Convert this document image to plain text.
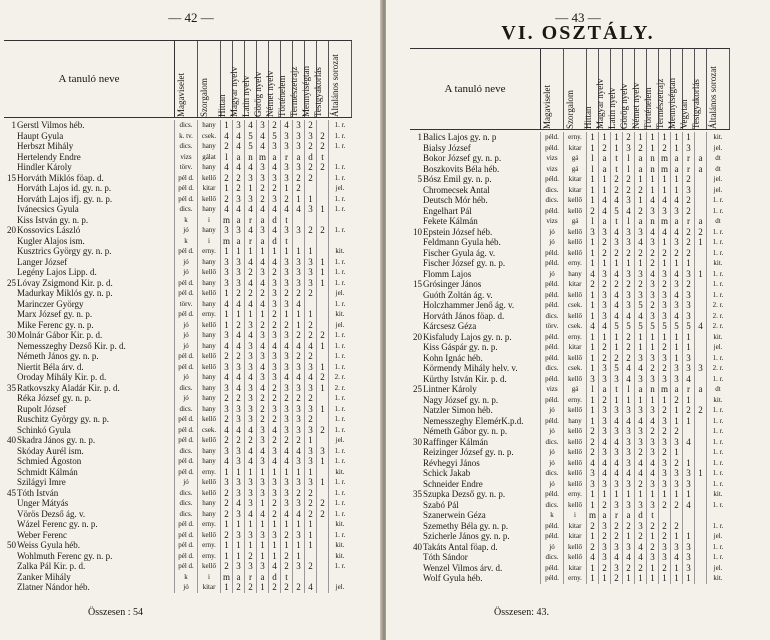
— 42 —
A tanuló neve	Magaviselet Szorgalom Hittan Magyar nyelv Latin nyelv Görög nyelv Német nyelv Történelem Természetrajz Mennyiségtan Testgyakorlás Általános sorozat
1 Gerstl Vilmos héb.	dics.	hany 1 3 4 3 2 4 3 2	1. r.
Haupt Gyula	k. tv.	csek. 4 4 5 4 5 3 3 3 2	1. r.
Herbszt Mihály	dics.	hany 2 4 5 4 3 3 3 2 2	1. r.
Hertelendy Endre	vizs	gálat	l a n m a r a d t
Hindler Károly	törv.	hany 4 4 4 3 4 3 3 2 2	1. r.
15 Horváth Miklós föap. d.	pél d.	kellő 2 2 3 3 3 3 2 2	1. r.
Horváth Lajos id. gy. n. p.	pél d.	kitar 1 2 1 2 2 1 2	jel.
Horváth Lajos ifj. gy. n. p.	pél d.	kellő 2 3 3 2 3 2 1 1	1. r.
Ivánecsics Gyula	dics.	hany 4 4 4 4 4 4 4 3 1	1. r.
Kiss István gy. n. p.	k	i	m a r a d t
20 Kossovics László	jó	hany 3 3 4 3 4 3 3 2 2	1. r.
Kugler Alajos ism.	k	i	m a r a d t
Kusztrics György gy. n. p.	pél d.	erny. 1 1 1 1 1 1 1 1	kit.
Langer József	jó	hany 3 3 4 4 4 3 3 3 1	1. r.
Legény Lajos Lipp. d.	jó	kellő 3 3 2 3 2 3 3 3 1	1. r.
25 Lóvay Zsigmond Kir. p. d.	pél d.	hany 3 3 4 4 3 3 3 3 1	1. r.
Madurkay Miklós gy. n. p.	pél d.	kellő 1 2 2 2 3 2 2 2	jel.
Marinczer György	törv.	hany 4 4 4 4 3 3 4	1. r.
Marx József gy. n. p.	pél d.	erny. 1 1 1 1 2 1 1 1	kit.
Mike Ferenc gy. n. p.	jó	kellő 1 2 3 2 2 2 1 2	jel.
30 Molnár Gábor Kir. p. d.	jó	hany 3 4 4 3 3 3 2 2 2	1. r.
Nemesszeghy Dezső Kir. p. d.	jó	hany 4 4 3 4 4 4 4 4 1	1. r.
Németh János gy. n. p.	pél d.	kellő 2 2 3 3 3 3 2 2	1. r.
Niertit Béla árv. d.	pél d.	kellő 3 3 3 4 3 3 3 3 1	1. r.
Oroday Mihály Kir. p. d.	jó	hany 4 4 4 3 3 4 4 4 2	2. r.
35 Ratkovszky Aladár Kir. p. d.	dics.	hany 3 4 3 4 2 3 3 3 1	2. r.
Réka József gy. n. p.	jó	hany 2 2 3 2 2 2 2 2	1. r.
Rupolt József	dics.	hany 3 3 3 2 3 3 3 3 1	1. r.
Ruschitz György gy. n. p.	pél d.	kellő 2 3 3 2 2 3 3 2	1. r.
Schinkó Gyula	pél d.	csek. 4 4 4 3 4 3 3 3 2	1. r.
40 Skadra János gy. n. p.	pél d.	kellő 2 2 2 3 2 2 2 1	jel.
Skóday Aurél ism.	dics.	hany 3 3 4 4 3 4 4 3 3	1. r.
Schmied Ágoston	pél d.	hany 4 3 4 3 4 4 3 3 1	1. r.
Schmidt Kálmán	pél d.	erny. 1 1 1 1 1 1 1 1	kit.
Szilágyi Imre	jó	kellő 3 3 3 3 3 3 3 3 1	1. r.
45 Tóth István	dics.	kellő 2 3 3 3 3 3 2 2	1. r.
Unger Mátyás	dics.	hany 2 4 3 1 2 3 3 2 2	1. r.
Vörös Dezső ág. v.	dics.	hany 2 3 4 4 2 4 4 2 2	1. r.
Wázel Ferenc gy. n. p.	pél d.	erny. 1 1 1 1 1 1 1 1	kit.
Weber Ferenc	pél d.	kellő 2 3 3 3 3 2 3 1	1. r.
50 Weiss Gyula héb.	pél d.	erny. 1 1 1 1 1 1 1 1	kit.
Wohlmuth Ferenc gy. n. p.	pél d.	erny. 1 1 2 1 1 2 1	kit.
Zalka Pál Kir. p. d.	pél d.	kellő 2 3 3 3 4 2 3 2	1. r.
Zanker Mihály	k	i	m a r a d t
Zlatner Nándor héb.	jó	kitar 1 2 2 1 2 2 2 4	jel.
Összesen : 54
— 43 —
VI. OSZTÁLY.
A tanuló neve	Magaviselet Szorgalom Hittan Magyar nyelv Latin nyelv Görög nyelv Német nyelv Történelem Természetrajz Mennyiségtan Vegytan Testgyakorlás Általános sorozat
1 Balics Lajos gy. n. p	péld.	erny. 1 1 1 2 1 1 1 1 1	kit.
Bialsy József	péld.	kitar 1 2 1 3 2 1 2 1 3	jel.
Bokor József gy. n. p.	vizs	gá	l a t	l a n m a r a	dt
Boszkovits Béla héb.	vizs	gá	l a t	l a n m a r a	dt
5 Bósz Emil gy. n. p.	péld.	kitar 1 1 2 2 1 1 1 1 2	jel.
Chromecsek Antal	dics.	kitar 1 1 2 2 2 1 1 1 3	jel.
Deutsch Mór héb.	dics.	kellő 1 4 4 3 1 4 4 4 2	1. r.
Engelhart Pál	péld.	kellő 2 4 5 4 2 3 3 3 2	1. r.
Fekete Kálmán	vizs	gá	l a t	l a n m a r a	dt
10 Epstein József héb.	jó	kellő 3 3 4 3 3 4 4 4 2 2	1. r.
Feldmann Gyula héb.	jó	kellő 1 2 3 3 4 3 1 3 2 1	1. r.
Fischer Gyula ág. v.	péld.	kellő 1 2 2 2 2 2 2 2 2	1. r.
Fischer József gy. n. p.	péld.	erny. 1 1 1 1 1 2 1 1 1	kit.
Flomm Lajos	jó	hany 4 3 4 3 3 4 3 4 3 1	1. r.
15 Grósinger János	péld.	kitar 2 2 2 2 2 3 2 3 2	1. r.
Guóth Zoltán ág. v.	péld.	kellő 1 3 4 3 3 3 3 4 3	1. r.
Holczhammer Jenő ág. v.	péld.	csek. 1 3 4 3 5 2 3 3 3	2. r.
Horváth János föap. d.	dics.	kellő 1 3 4 4 4 3 3 4 3	2. r.
Kárcsesz Géza	törv.	csek. 4 4 5 5 5 5 5 5 5 4	2. r.
20 Kisfaludy Lajos gy. n. p.	péld.	erny. 1 1 1 2 1 1 1 1 1	kit.
Kiss Gáspár gy. n. p.	péld.	kitar 1 2 1 2 1 1 2 1 1	jel.
Kohn Ignác héb.	péld.	kellő 1 2 2 2 3 3 3 1 3	1. r.
Körmendy Mihály helv. v.	dics.	csek. 1 3 5 4 4 2 2 3 3 3	2. r.
Kürthy István Kir. p. d.	péld.	kellő 3 3 3 4 3 3 3 3 4	1. r.
25 Lintner Károly	vizs	gá	l a t	l a n m a r a	dt
Nagy József gy. n. p.	péld.	erny. 1 2 1 1 1 1 1 2 1	kit.
Natzler Simon héb.	jó	kellő 1 3 3 3 3 3 2 1 2 2	1. r.
Nemesszeghy ElemérK.p.d.	péld.	hany 1 3 4 4 4 4 3 1 1	1. r.
Németh Gábor gy. n. p.	jó	kellő 2 3 3 3 3 2 2 2	1. r.
30 Raffinger Kálmán	dics.	kellő 2 4 4 3 3 3 3 3 4	1. r.
Reizinger József gy. n. p.	jó	kellő 2 3 3 3 2 3 2 1	1. r.
Révhegyi János	jó	kellő 4 4 4 3 4 4 3 2 1	1. r.
Schick Jakab	dics.	kellő 3 4 4 4 4 4 3 3 3 1	1. r.
Schneider Endre	jó	kellő 3 3 3 3 2 3 3 3 3	1. r.
35 Szupka Dezső gy. n. p.	péld.	erny. 1 1 1 1 1 1 1 1 1	kit.
Szabó Pál	dics.	kellő 1 2 3 3 3 3 2 2 4	1. r.
Szanerwein Géza	k	i	m a r a d t
Szemethy Béla gy. n. p.	péld.	kitar 2 3 2 2 3 2 2 2	1. r.
Szicherle János gy. n. p.	péld.	kitar 1 2 2 1 2 1 2 1 1	jel.
40 Takáts Antal föap. d.	jó	kellő 2 3 3 3 4 2 3 3 3	1. r.
Tóth Sándor	dics.	kellő 4 3 4 4 4 3 3 4 3	1. r.
Wenzel Vilmos árv. d.	péld.	kitar 1 2 3 2 2 1 2 1 3	jel.
Wolf Gyula héb.	péld.	erny. 1 1 2 1 1 1 1 1 1	kit.
Összesen: 43.
